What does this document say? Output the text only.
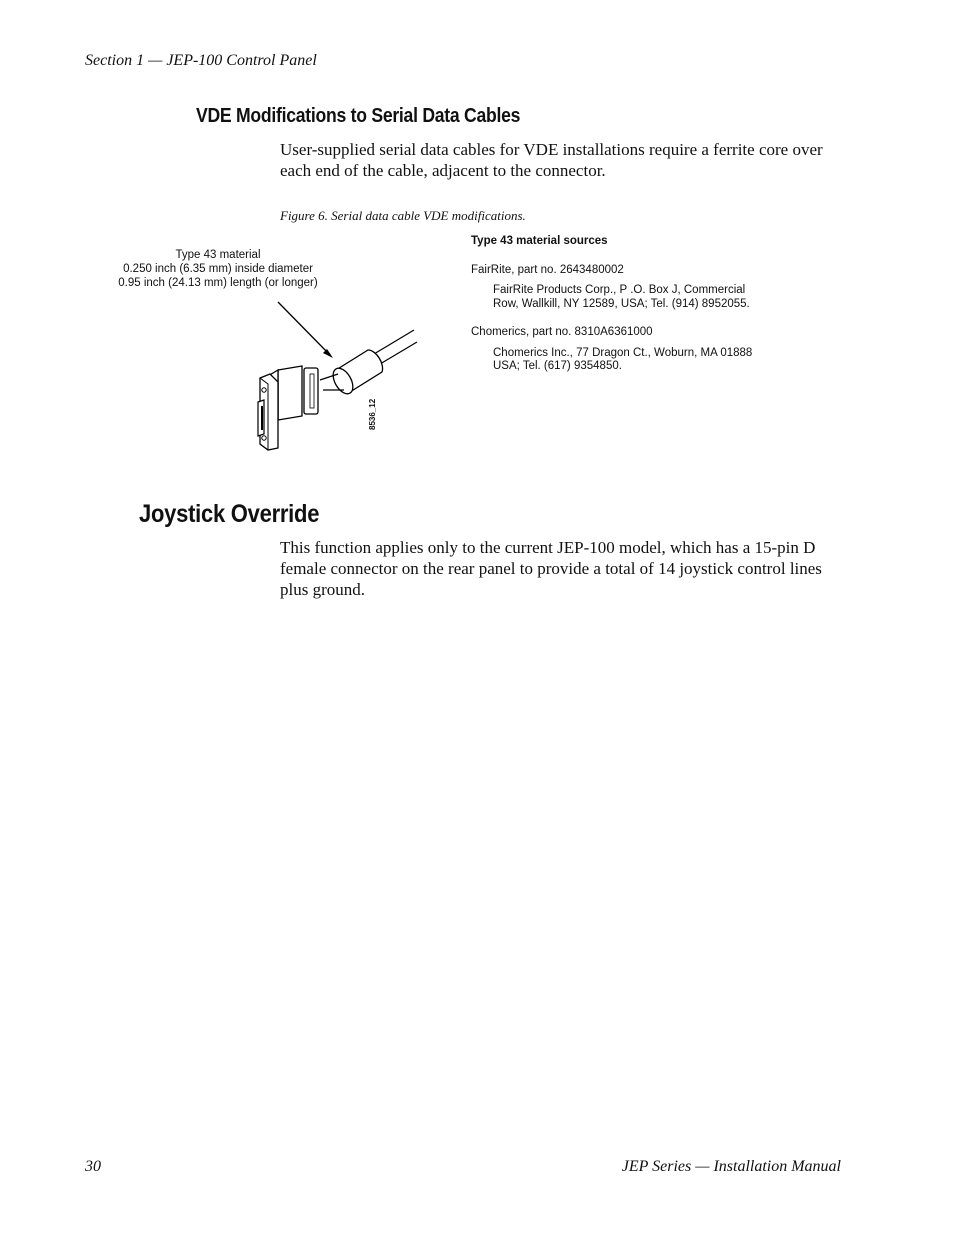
Section 1 — JEP-100 Control Panel
VDE Modifications to Serial Data Cables

User-supplied serial data cables for VDE installations require a ferrite core over each end of the cable, adjacent to the connector.

Figure 6. Serial data cable VDE modifications.
Type 43 material
0.250 inch (6.35 mm) inside diameter
0.95 inch (24.13 mm) length (or longer)
8536_12
Type 43 material sources
FairRite, part no. 2643480002
FairRite Products Corp., P .O. Box J, Commercial
Row, Wallkill, NY 12589, USA; Tel. (914) 8952055.
Chomerics, part no. 8310A6361000
Chomerics Inc., 77 Dragon Ct., Woburn, MA 01888
USA; Tel. (617) 9354850.
Joystick Override

This function applies only to the current JEP-100 model, which has a 15-pin D female connector on the rear panel to provide a total of 14 joystick control lines plus ground.

30	JEP Series — Installation Manual
